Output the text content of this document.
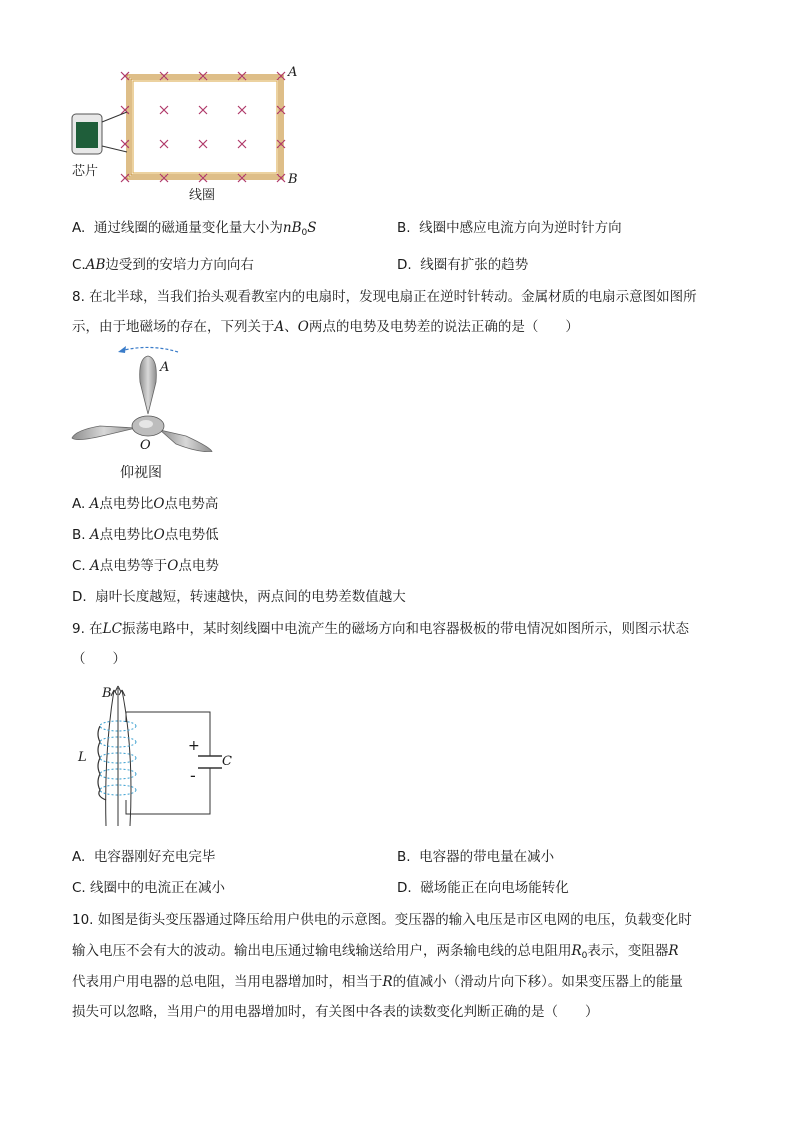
A
B
芯片
线圈
A. 通过线圈的磁通量变化量大小为$nB_0S$	B. 线圈中感应电流方向为逆时针方向
C.AB边受到的安培力方向向右	D. 线圈有扩张的趋势
8. 在北半球，当我们抬头观看教室内的电扇时，发现电扇正在逆时针转动。金属材质的电扇示意图如图所
示，由于地磁场的存在，下列关于A、O两点的电势及电势差的说法正确的是（　　）
A
O
仰视图
A. A点电势比O点电势高
B. A点电势比O点电势低
C. A点电势等于O点电势
D. 扇叶长度越短，转速越快，两点间的电势差数值越大
9. 在LC振荡电路中，某时刻线圈中电流产生的磁场方向和电容器极板的带电情况如图所示，则图示状态
（　　）
B
L	C
+
-
A. 电容器刚好充电完毕	B. 电容器的带电量在减小
C. 线圈中的电流正在减小	D. 磁场能正在向电场能转化
10. 如图是街头变压器通过降压给用户供电的示意图。变压器的输入电压是市区电网的电压，负载变化时
输入电压不会有大的波动。输出电压通过输电线输送给用户，两条输电线的总电阻用$R_0$表示，变阻器R
代表用户用电器的总电阻，当用电器增加时，相当于R的值减小（滑动片向下移）。如果变压器上的能量
损失可以忽略，当用户的用电器增加时，有关图中各表的读数变化判断正确的是（　　）
